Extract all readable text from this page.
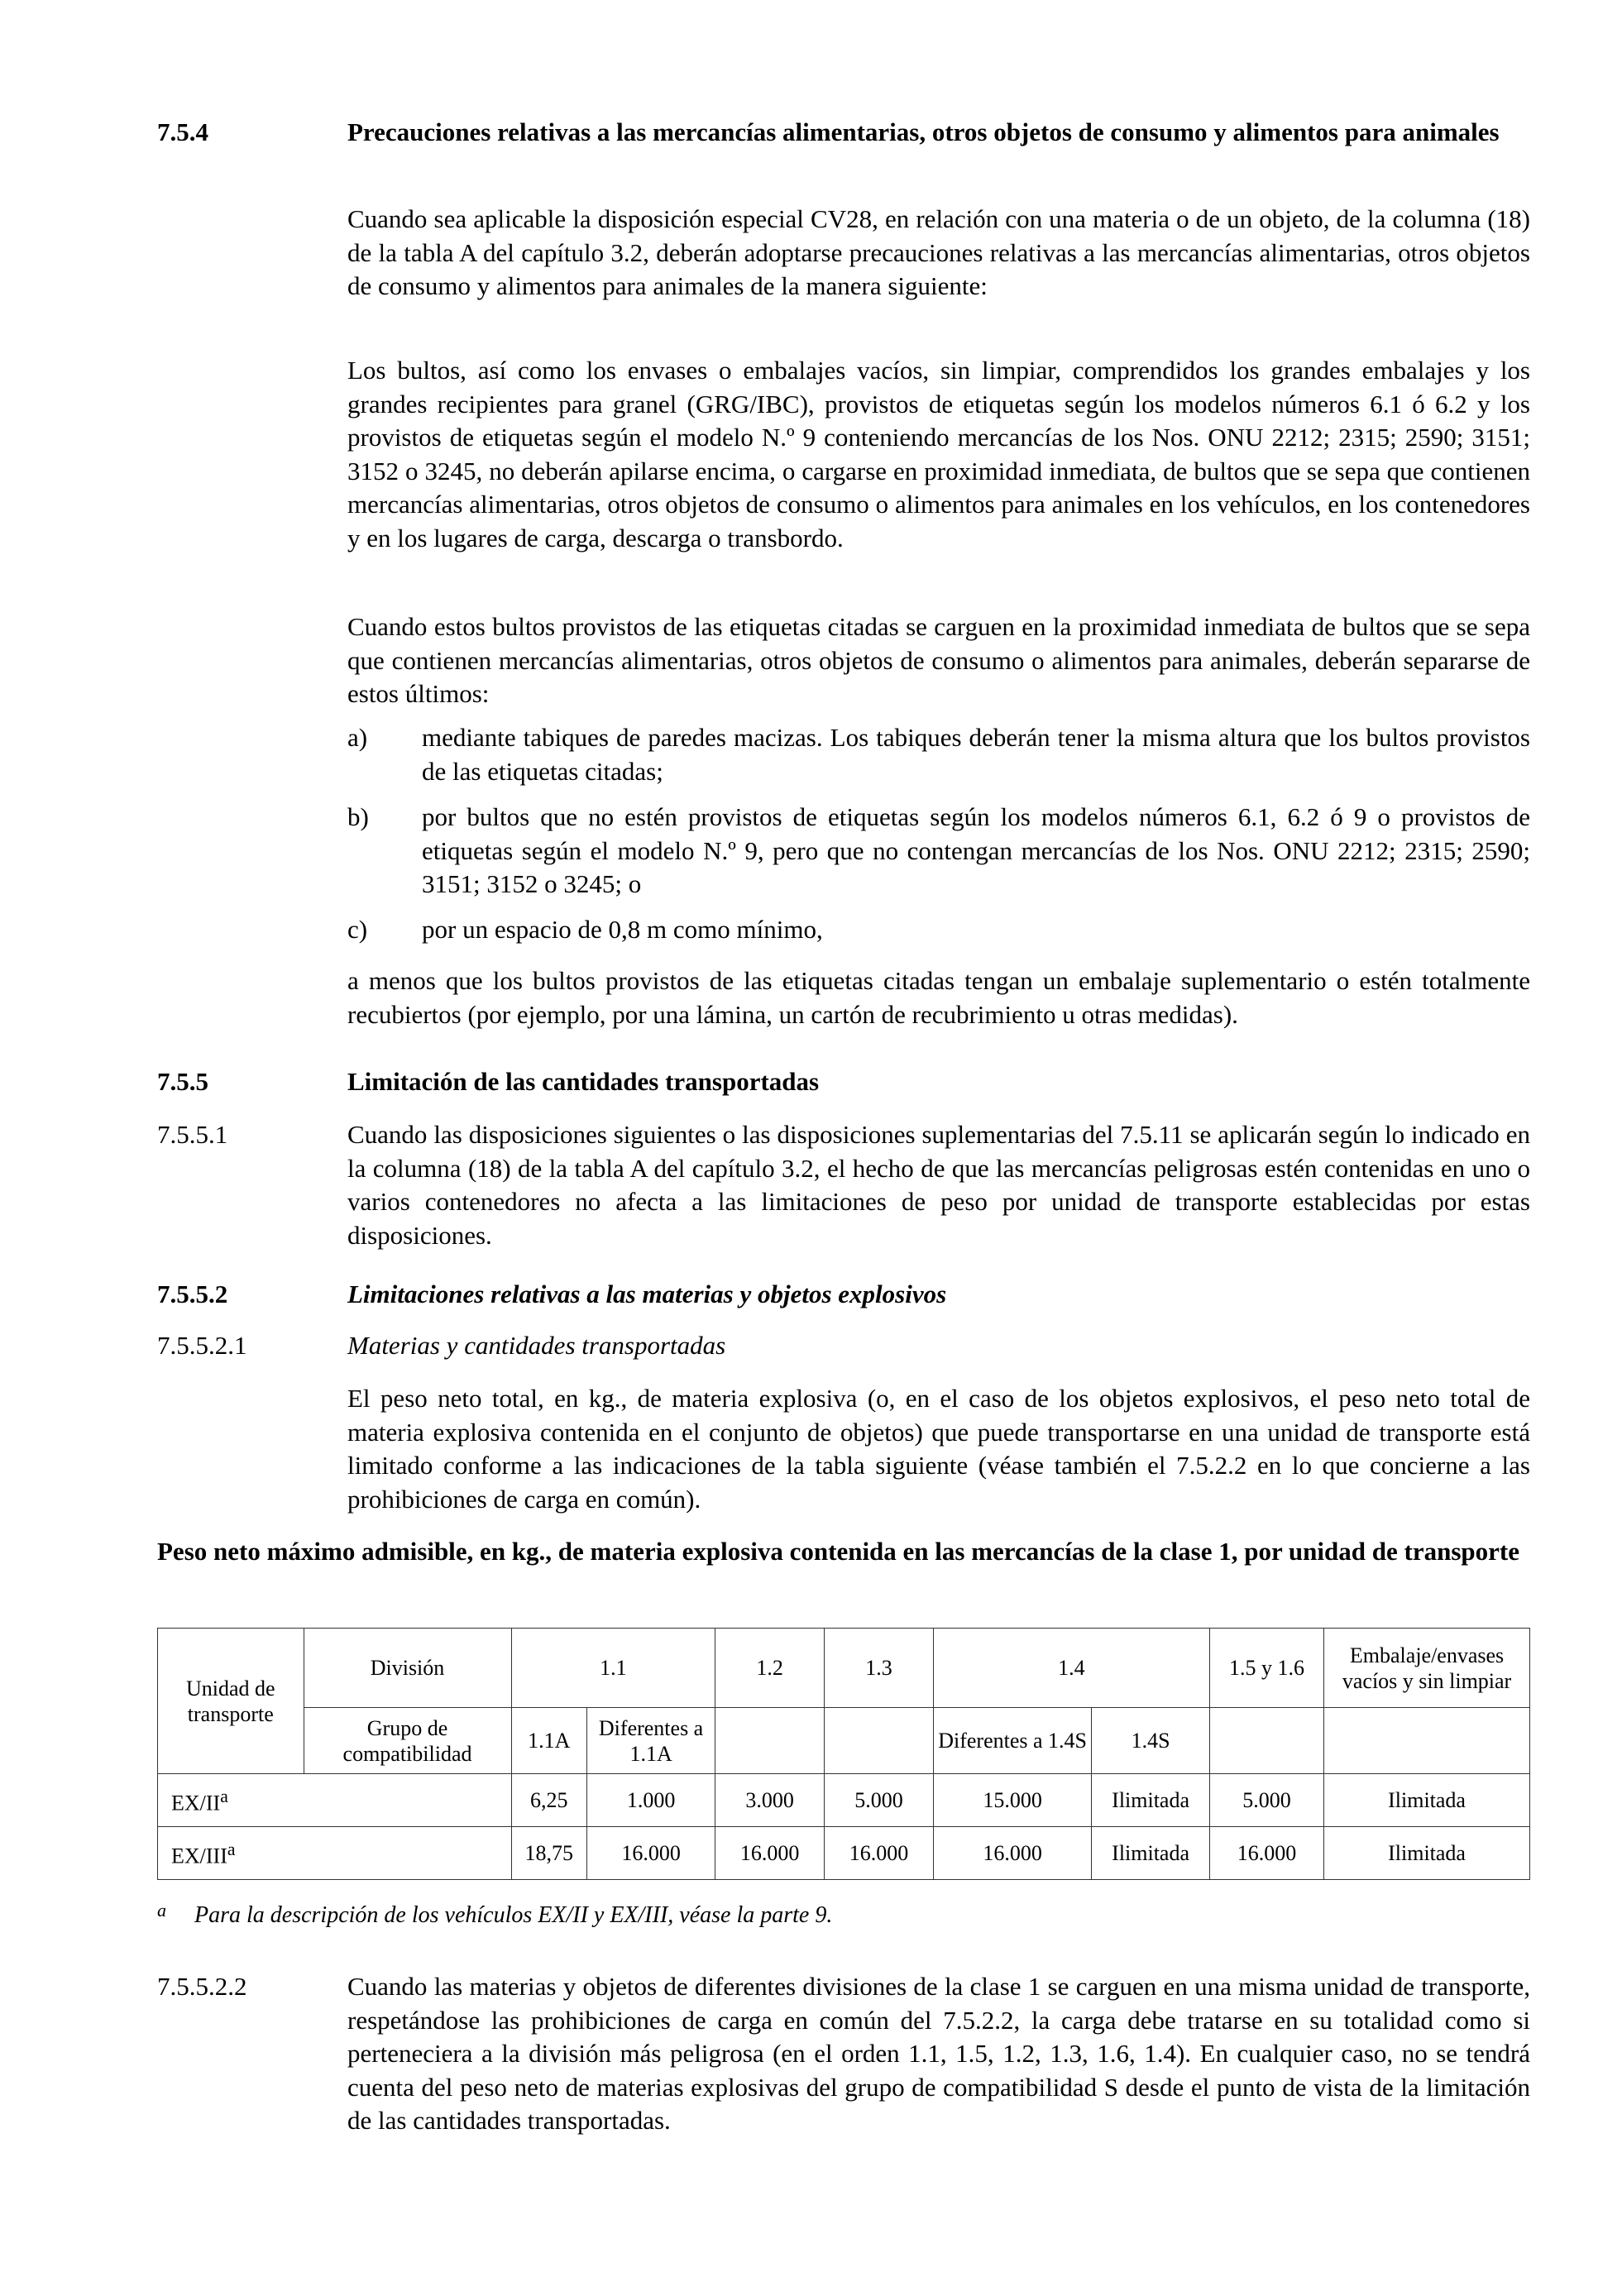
7.5.4	Precauciones relativas a las mercancías alimentarias, otros objetos de consumo y alimentos para animales
Cuando sea aplicable la disposición especial CV28, en relación con una materia o de un objeto, de la columna (18) de la tabla A del capítulo 3.2, deberán adoptarse precauciones relativas a las mercancías alimentarias, otros objetos de consumo y alimentos para animales de la manera siguiente:
Los bultos, así como los envases o embalajes vacíos, sin limpiar, comprendidos los grandes embalajes y los grandes recipientes para granel (GRG/IBC), provistos de etiquetas según los modelos números 6.1 ó 6.2 y los provistos de etiquetas según el modelo N.º 9 conteniendo mercancías de los Nos. ONU 2212; 2315; 2590; 3151; 3152 o 3245, no deberán apilarse encima, o cargarse en proximidad inmediata, de bultos que se sepa que contienen mercancías alimentarias, otros objetos de consumo o alimentos para animales en los vehículos, en los contenedores y en los lugares de carga, descarga o transbordo.
Cuando estos bultos provistos de las etiquetas citadas se carguen en la proximidad inmediata de bultos que se sepa que contienen mercancías alimentarias, otros objetos de consumo o alimentos para animales, deberán separarse de estos últimos:
a)	mediante tabiques de paredes macizas. Los tabiques deberán tener la misma altura que los bultos provistos de las etiquetas citadas;
b)	por bultos que no estén provistos de etiquetas según los modelos números 6.1, 6.2 ó 9 o provistos de etiquetas según el modelo N.º 9, pero que no contengan mercancías de los Nos. ONU 2212; 2315; 2590; 3151; 3152 o 3245; o
c)	por un espacio de 0,8 m como mínimo,
a menos que los bultos provistos de las etiquetas citadas tengan un embalaje suplementario o estén totalmente recubiertos (por ejemplo, por una lámina, un cartón de recubrimiento u otras medidas).
7.5.5	Limitación de las cantidades transportadas
7.5.5.1	Cuando las disposiciones siguientes o las disposiciones suplementarias del 7.5.11 se aplicarán según lo indicado en la columna (18) de la tabla A del capítulo 3.2, el hecho de que las mercancías peligrosas estén contenidas en uno o varios contenedores no afecta a las limitaciones de peso por unidad de transporte establecidas por estas disposiciones.
7.5.5.2	Limitaciones relativas a las materias y objetos explosivos
7.5.5.2.1	Materias y cantidades transportadas
El peso neto total, en kg., de materia explosiva (o, en el caso de los objetos explosivos, el peso neto total de materia explosiva contenida en el conjunto de objetos) que puede transportarse en una unidad de transporte está limitado conforme a las indicaciones de la tabla siguiente (véase también el 7.5.2.2 en lo que concierne a las prohibiciones de carga en común).
Peso neto máximo admisible, en kg., de materia explosiva contenida en las mercancías de la clase 1, por unidad de transporte
Unidad de transporte	División	1.1		1.2	1.3	1.4		1.5 y 1.6	Embalaje/envases vacíos y sin limpiar
	Grupo de compatibilidad	1.1A	Diferentes a 1.1A			Diferentes a 1.4S	1.4S		
$EX/II^a$		6,25	1.000	3.000	5.000	15.000	Ilimitada	5.000	Ilimitada
EX/III$^a$		18,75	16.000	16.000	16.000	16.000	Ilimitada	16.000	Ilimitada
a Para la descripción de los vehículos EX/II y EX/III, véase la parte 9.
7.5.5.2.2	Cuando las materias y objetos de diferentes divisiones de la clase 1 se carguen en una misma unidad de transporte, respetándose las prohibiciones de carga en común del 7.5.2.2, la carga debe tratarse en su totalidad como si perteneciera a la división más peligrosa (en el orden 1.1, 1.5, 1.2, 1.3, 1.6, 1.4). En cualquier caso, no se tendrá cuenta del peso neto de materias explosivas del grupo de compatibilidad S desde el punto de vista de la limitación de las cantidades transportadas.
